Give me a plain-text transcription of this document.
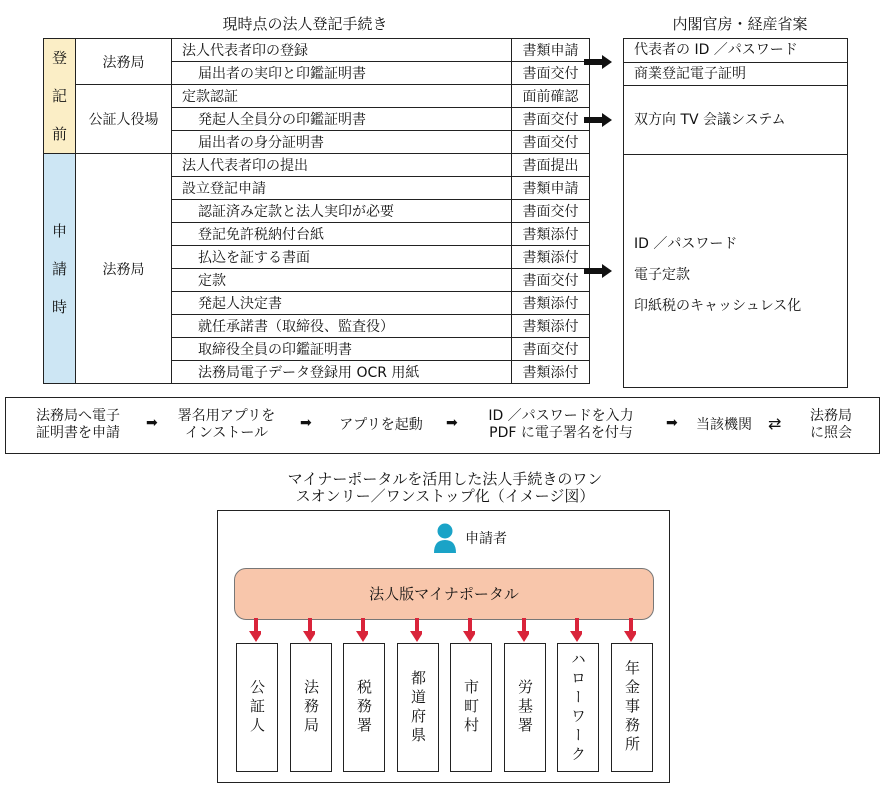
現時点の法人登記手続き	内閣官房・経産省案
登
記
前	法務局	法人代表者印の登録	書類申請
		届出者の実印と印鑑証明書	書面交付
	公証人役場	定款認証	面前確認
		発起人全員分の印鑑証明書	書面交付
		届出者の身分証明書	書面交付

申
請
時	法務局	法人代表者印の提出	書面提出
		設立登記申請	書類申請
		認証済み定款と法人実印が必要	書面交付
		登記免許税納付台紙	書類添付
		払込を証する書面	書類添付
		定款	書面交付
		発起人決定書	書類添付
		就任承諾書（取締役、監査役）	書類添付
		取締役全員の印鑑証明書	書面交付
		法務局電子データ登録用 OCR 用紙	書類添付
代表者の ID ／パスワード
商業登記電子証明
双方向 TV 会議システム
ID ／パスワード
電子定款
印紙税のキャッシュレス化
法務局へ電子
証明書を申請
➡	署名用アプリを
インストール
➡	アプリを起動	➡	ID ／パスワードを入力
PDF に電子署名を付与
➡	当該機関	⇄	法務局
に照会
マイナーポータルを活用した法人手続きのワン
スオンリー／ワンストップ化（イメージ図）
申請者
法人版マイナポータル
公証人 法務局 税務署 都道府県 市町村 労基署 ハローワーク 年金事務所
